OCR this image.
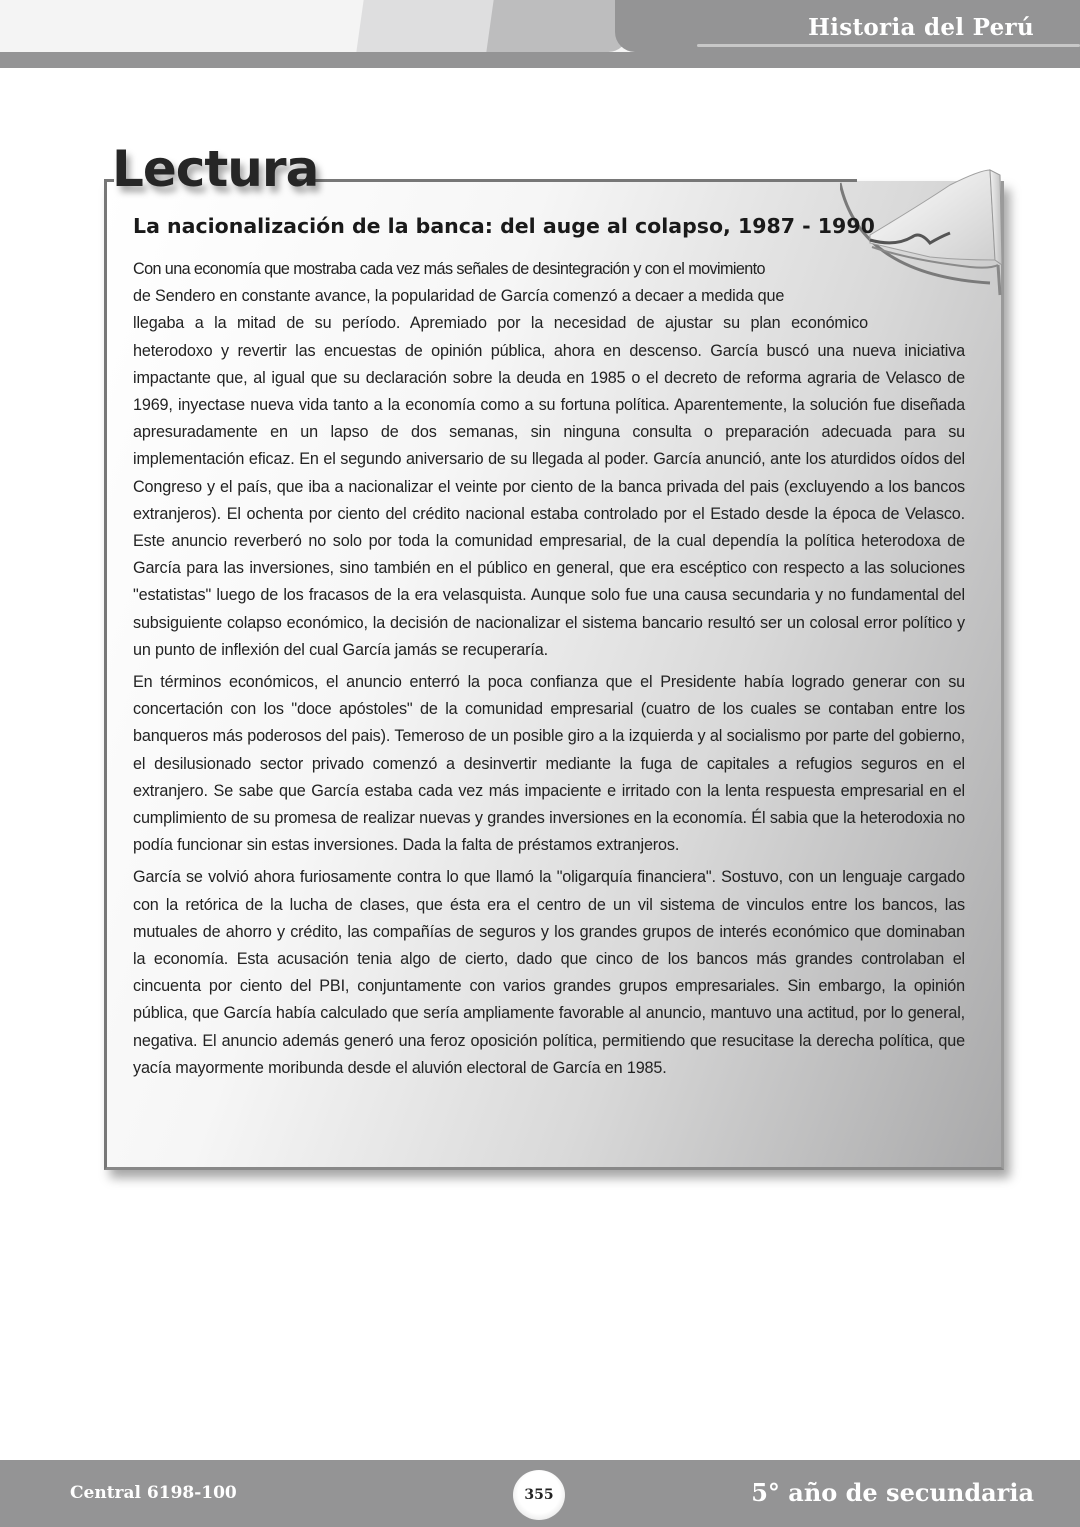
Historia del Perú
Lectura
La nacionalización de la banca: del auge al colapso, 1987 - 1990

Con una economía que mostraba cada vez más señales de desintegración y con el movimiento
de Sendero en constante avance, la popularidad de García comenzó a decaer a medida que
llegaba a la mitad de su período. Apremiado por la necesidad de ajustar su plan económico
heterodoxo y revertir las encuestas de opinión pública, ahora en descenso. García buscó una nueva iniciativa impactante que, al igual que su declaración sobre la deuda en 1985 o el decreto de reforma agraria de Velasco de 1969, inyectase nueva vida tanto a la economía como a su fortuna política. Aparentemente, la solución fue diseñada apresuradamente en un lapso de dos semanas, sin ninguna consulta o preparación adecuada para su implementación eficaz. En el segundo aniversario de su llegada al poder. García anunció, ante los aturdidos oídos del Congreso y el país, que iba a nacionalizar el veinte por ciento de la banca privada del pais (excluyendo a los bancos extranjeros). El ochenta por ciento del crédito nacional estaba controlado por el Estado desde la época de Velasco. Este anuncio reverberó no solo por toda la comunidad empresarial, de la cual dependía la política heterodoxa de García para las inversiones, sino también en el público en general, que era escéptico con respecto a las soluciones "estatistas" luego de los fracasos de la era velasquista. Aunque solo fue una causa secundaria y no fundamental del subsiguiente colapso económico, la decisión de nacionalizar el sistema bancario resultó ser un colosal error político y un punto de inflexión del cual García jamás se recuperaría.

En términos económicos, el anuncio enterró la poca confianza que el Presidente había logrado generar con su concertación con los "doce apóstoles" de la comunidad empresarial (cuatro de los cuales se contaban entre los banqueros más poderosos del pais). Temeroso de un posible giro a la izquierda y al socialismo por parte del gobierno, el desilusionado sector privado comenzó a desinvertir mediante la fuga de capitales a refugios seguros en el extranjero. Se sabe que García estaba cada vez más impaciente e irritado con la lenta respuesta empresarial en el cumplimiento de su promesa de realizar nuevas y grandes inversiones en la economía. Él sabia que la heterodoxia no podía funcionar sin estas inversiones. Dada la falta de préstamos extranjeros.

García se volvió ahora furiosamente contra lo que llamó la "oligarquía financiera". Sostuvo, con un lenguaje cargado con la retórica de la lucha de clases, que ésta era el centro de un vil sistema de vinculos entre los bancos, las mutuales de ahorro y crédito, las compañías de seguros y los grandes grupos de interés económico que dominaban la economía. Esta acusación tenia algo de cierto, dado que cinco de los bancos más grandes controlaban el cincuenta por ciento del PBI, conjuntamente con varios grandes grupos empresariales. Sin embargo, la opinión pública, que García había calculado que sería ampliamente favorable al anuncio, mantuvo una actitud, por lo general, negativa. El anuncio además generó una feroz oposición política, permitiendo que resucitase la derecha política, que yacía mayormente moribunda desde el aluvión electoral de García en 1985.

Central 6198-100	355	5° año de secundaria
